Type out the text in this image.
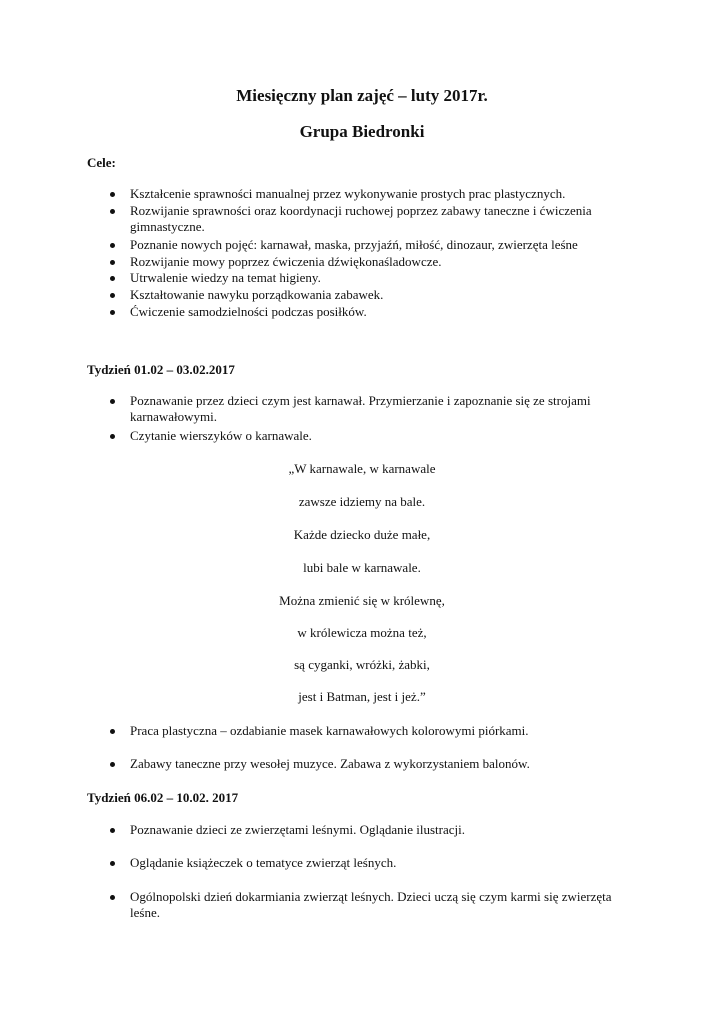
Miesięczny plan zajęć – luty 2017r.
Grupa Biedronki
Cele:
Kształcenie sprawności manualnej przez wykonywanie prostych prac plastycznych.
Rozwijanie sprawności oraz koordynacji ruchowej poprzez zabawy taneczne i ćwiczenia gimnastyczne.
Poznanie nowych pojęć: karnawał, maska, przyjaźń, miłość, dinozaur, zwierzęta leśne
Rozwijanie mowy poprzez ćwiczenia dźwiękonaśladowcze.
Utrwalenie wiedzy na temat higieny.
Kształtowanie nawyku porządkowania zabawek.
Ćwiczenie samodzielności podczas posiłków.
Tydzień 01.02 – 03.02.2017
Poznawanie przez dzieci czym jest karnawał. Przymierzanie i zapoznanie się ze strojami karnawałowymi.
Czytanie wierszyków o karnawale.
„W karnawale, w karnawale
zawsze idziemy na bale.
Każde dziecko duże małe,
lubi bale w karnawale.
Można zmienić się w królewnę,
w królewicza można też,
są cyganki, wróżki, żabki,
jest i Batman, jest i jeż.”
Praca plastyczna – ozdabianie masek karnawałowych kolorowymi piórkami.
Zabawy taneczne przy wesołej muzyce. Zabawa z wykorzystaniem balonów.
Tydzień 06.02 – 10.02. 2017
Poznawanie dzieci ze zwierzętami leśnymi. Oglądanie ilustracji.
Oglądanie książeczek o tematyce zwierząt leśnych.
Ogólnopolski dzień dokarmiania zwierząt leśnych. Dzieci uczą się czym karmi się zwierzęta leśne.
